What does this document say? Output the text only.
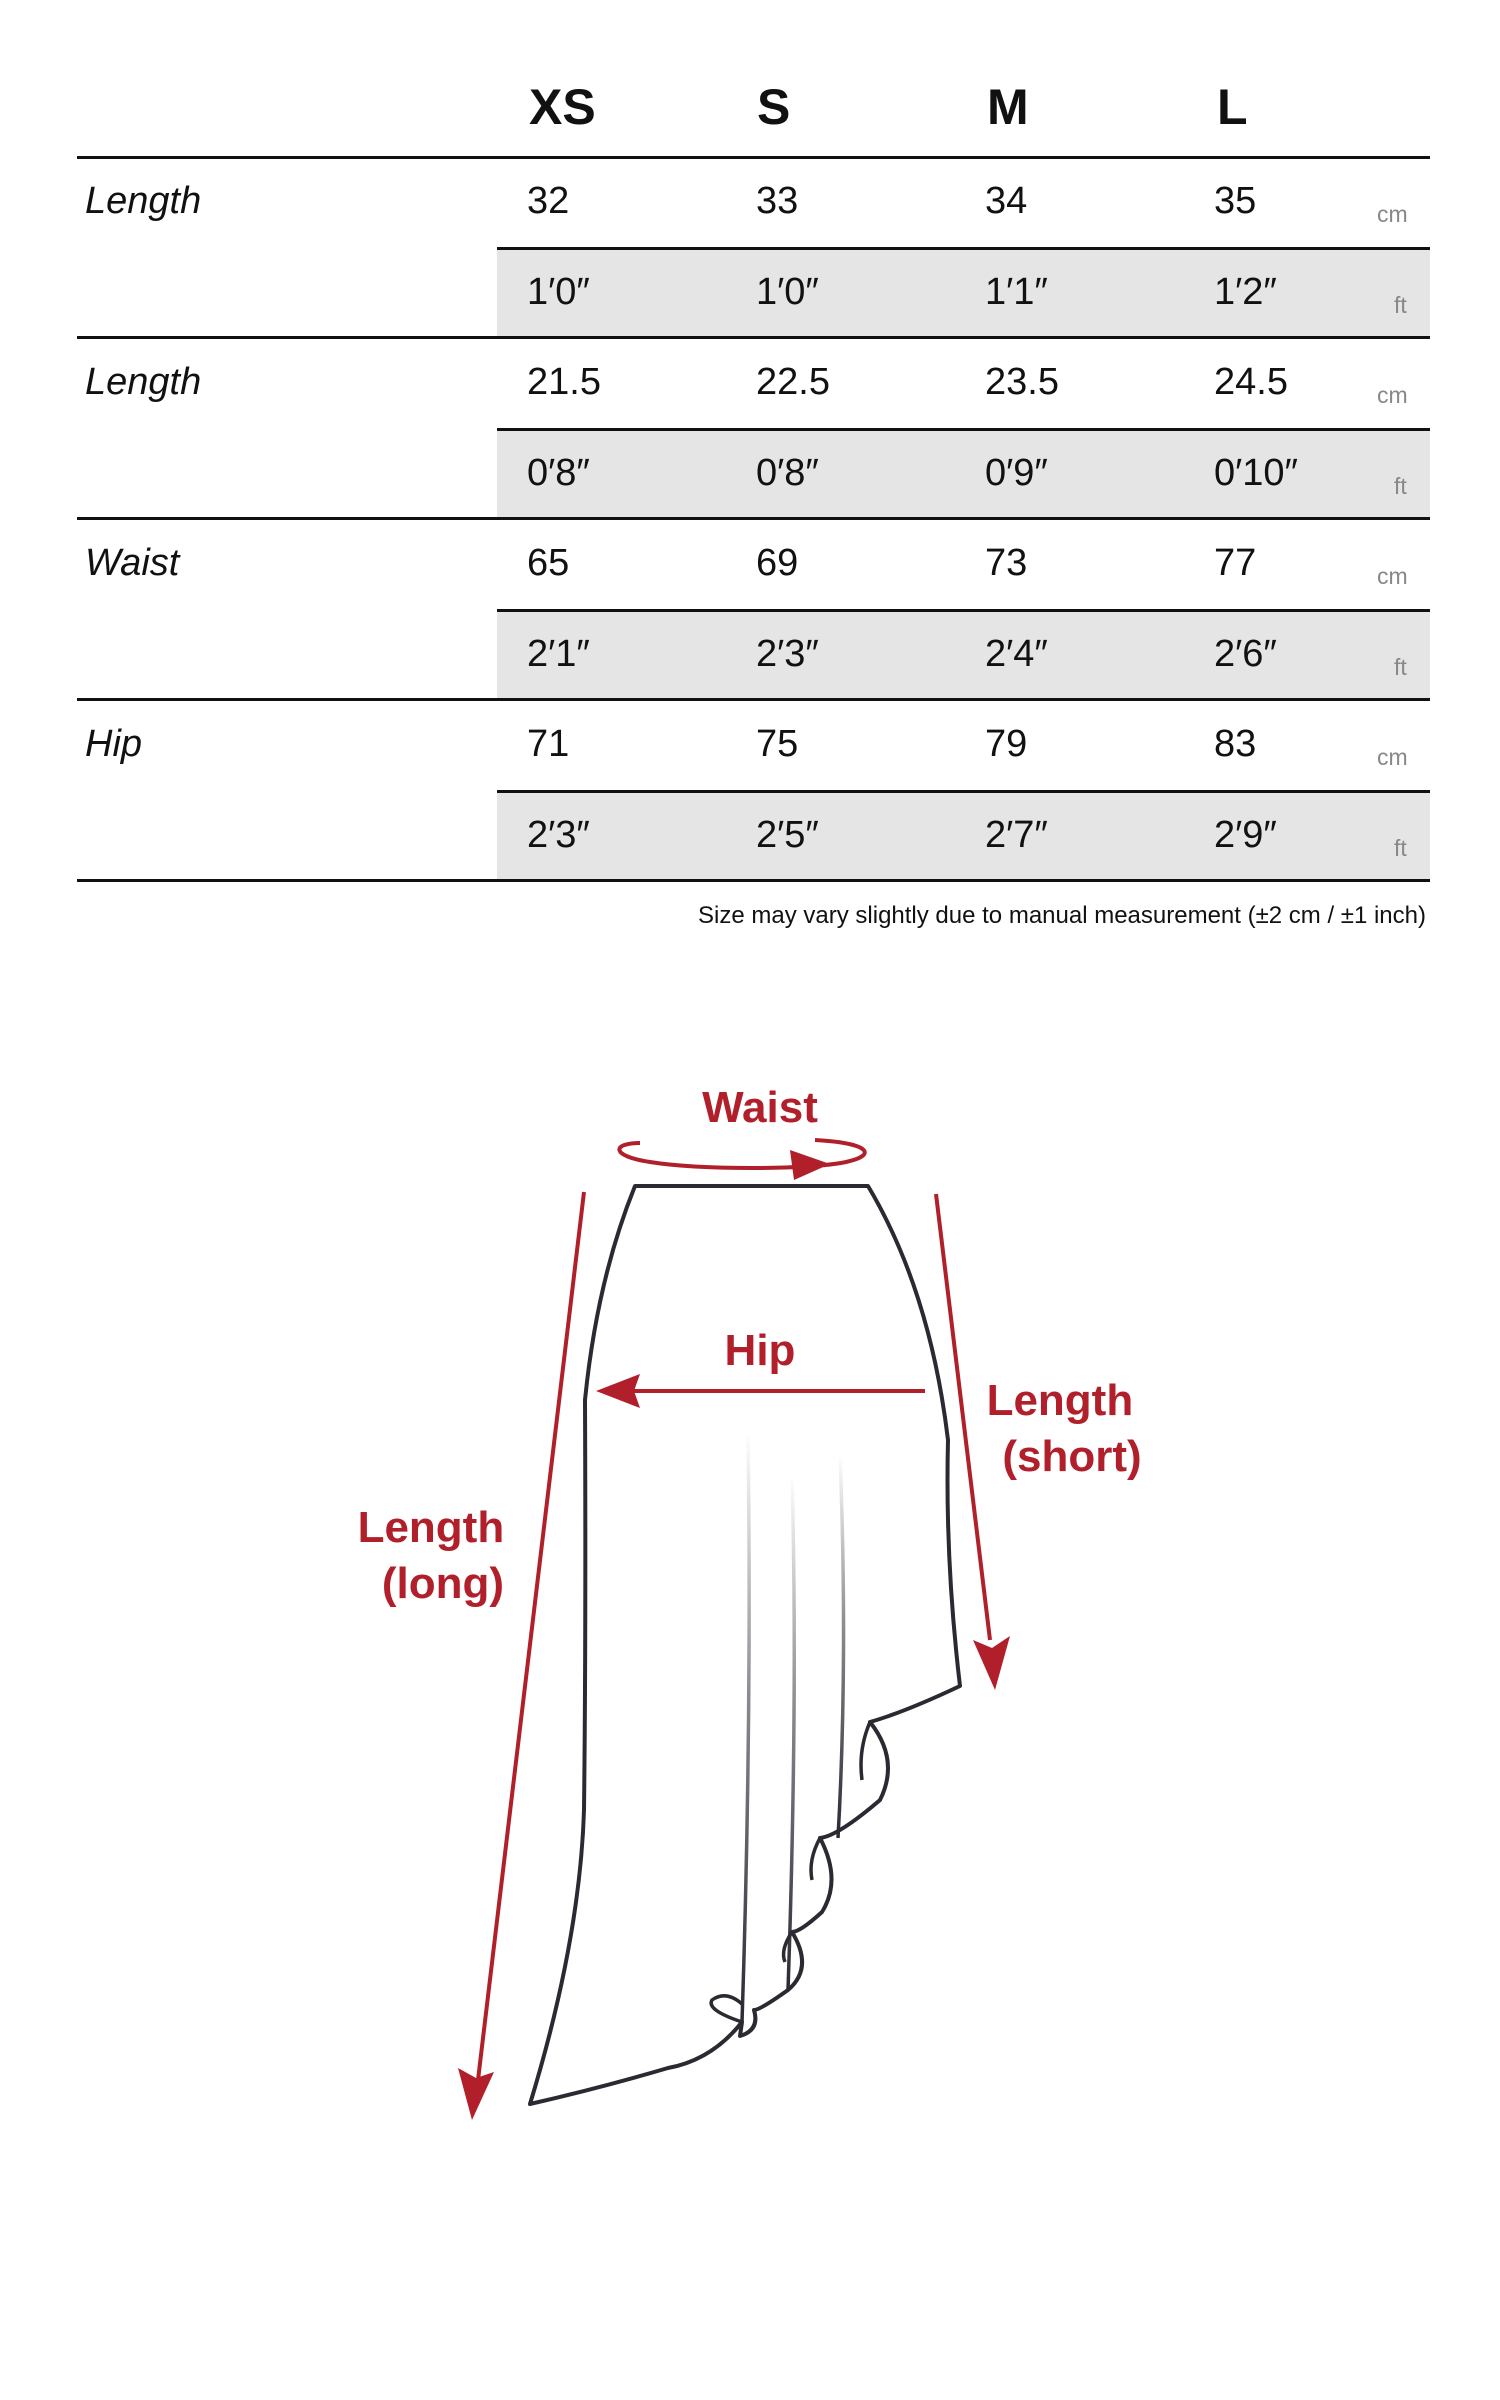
XS	S	M	L
Length	32	33	34	35	cm
1′0″	1′0″	1′1″	1′2″	ft
Length	21.5	22.5	23.5	24.5	cm
0′8″	0′8″	0′9″	0′10″	ft
Waist	65	69	73	77	cm
2′1″	2′3″	2′4″	2′6″	ft
Hip	71	75	79	83	cm
2′3″	2′5″	2′7″	2′9″	ft
Size may vary slightly due to manual measurement (±2 cm / ±1 inch)
Waist
Hip
Length (short)
Length (long)
